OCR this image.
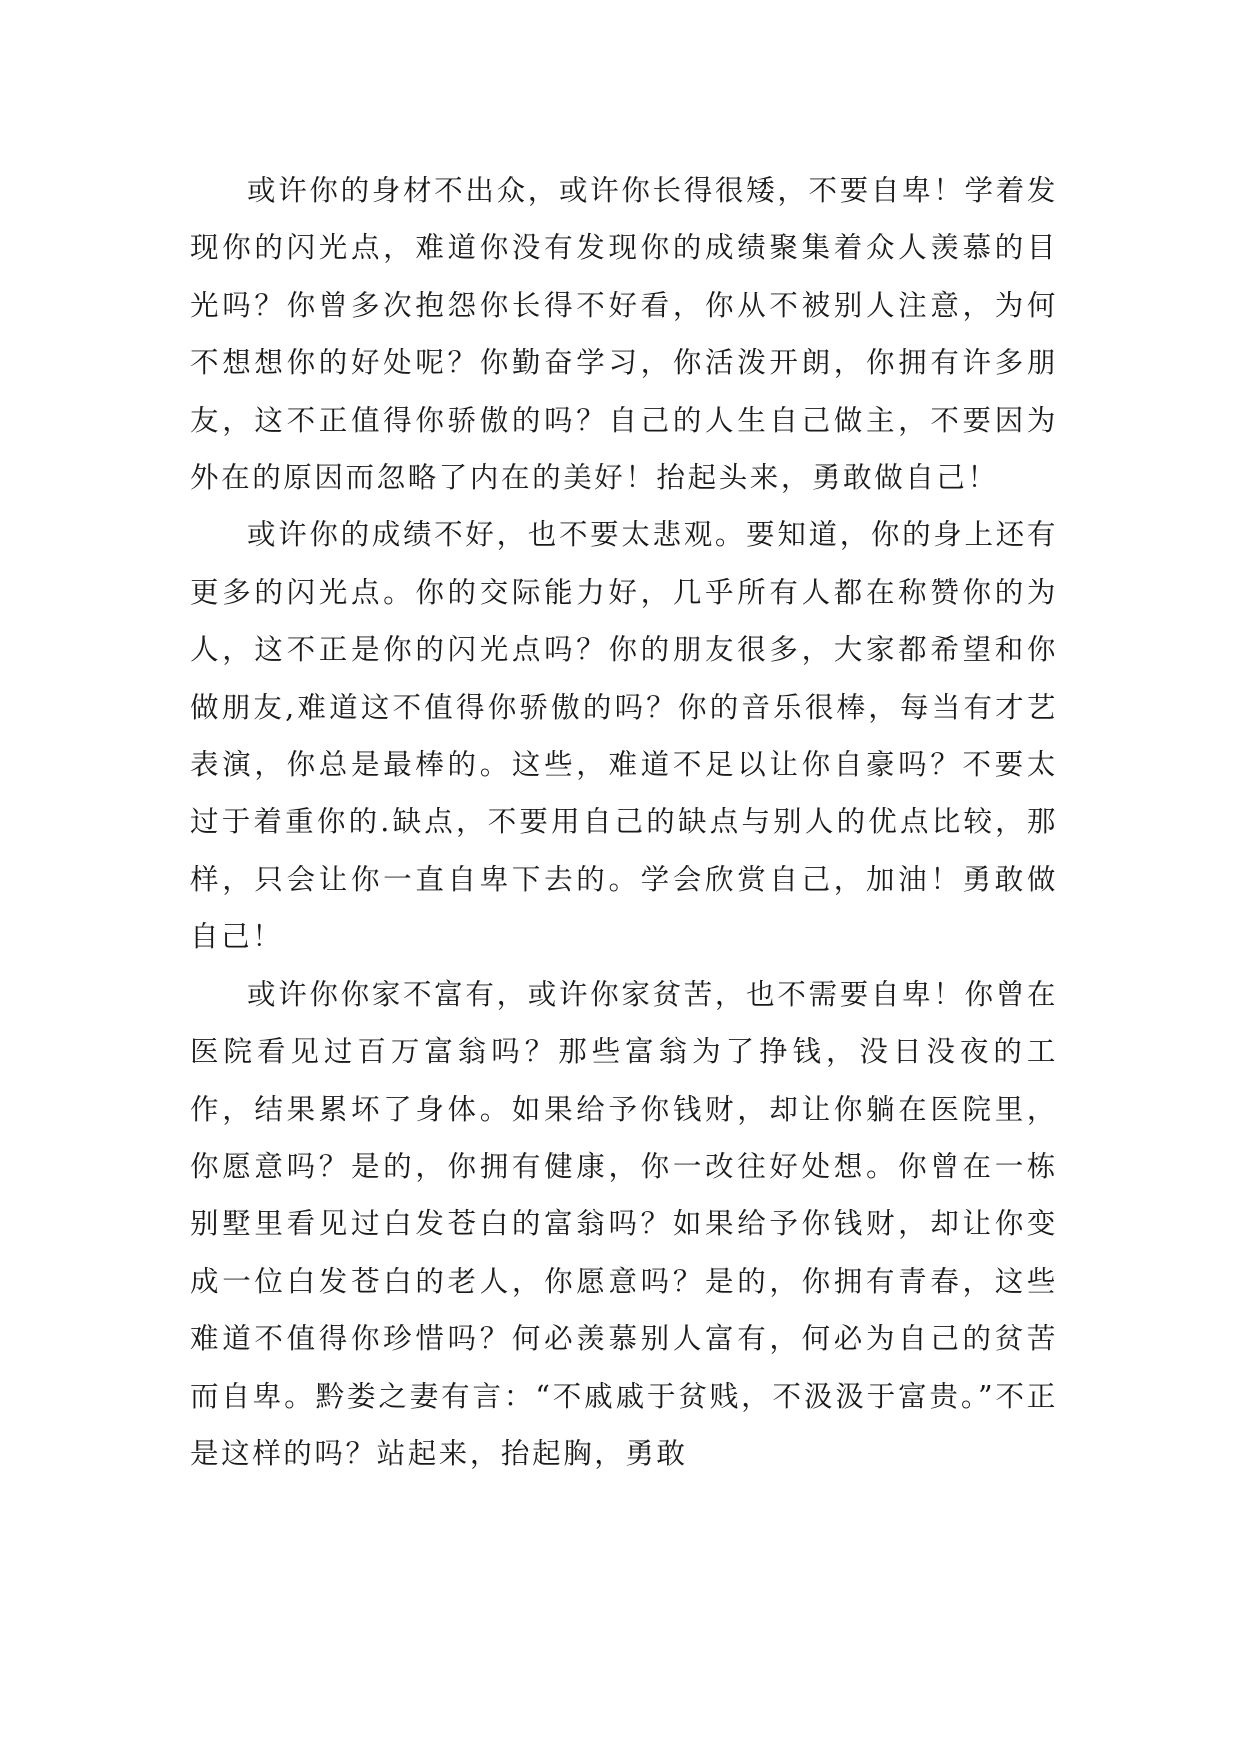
或许你的身材不出众，或许你长得很矮，不要自卑！学着发现你的闪光点，难道你没有发现你的成绩聚集着众人羡慕的目光吗？你曾多次抱怨你长得不好看，你从不被别人注意，为何不想想你的好处呢？你勤奋学习，你活泼开朗，你拥有许多朋友，这不正值得你骄傲的吗？自己的人生自己做主，不要因为外在的原因而忽略了内在的美好！抬起头来，勇敢做自己！

或许你的成绩不好，也不要太悲观。要知道，你的身上还有更多的闪光点。你的交际能力好，几乎所有人都在称赞你的为人，这不正是你的闪光点吗？你的朋友很多，大家都希望和你做朋友,难道这不值得你骄傲的吗？你的音乐很棒，每当有才艺表演，你总是最棒的。这些，难道不足以让你自豪吗？不要太过于着重你的.缺点，不要用自己的缺点与别人的优点比较，那样，只会让你一直自卑下去的。学会欣赏自己，加油！勇敢做自己！

或许你你家不富有，或许你家贫苦，也不需要自卑！你曾在医院看见过百万富翁吗？那些富翁为了挣钱，没日没夜的工作，结果累坏了身体。如果给予你钱财，却让你躺在医院里，你愿意吗？是的，你拥有健康，你一改往好处想。你曾在一栋别墅里看见过白发苍白的富翁吗？如果给予你钱财，却让你变成一位白发苍白的老人，你愿意吗？是的，你拥有青春，这些难道不值得你珍惜吗？何必羡慕别人富有，何必为自己的贫苦而自卑。黔娄之妻有言：“不戚戚于贫贱，不汲汲于富贵。”不正是这样的吗？站起来，抬起胸，勇敢
